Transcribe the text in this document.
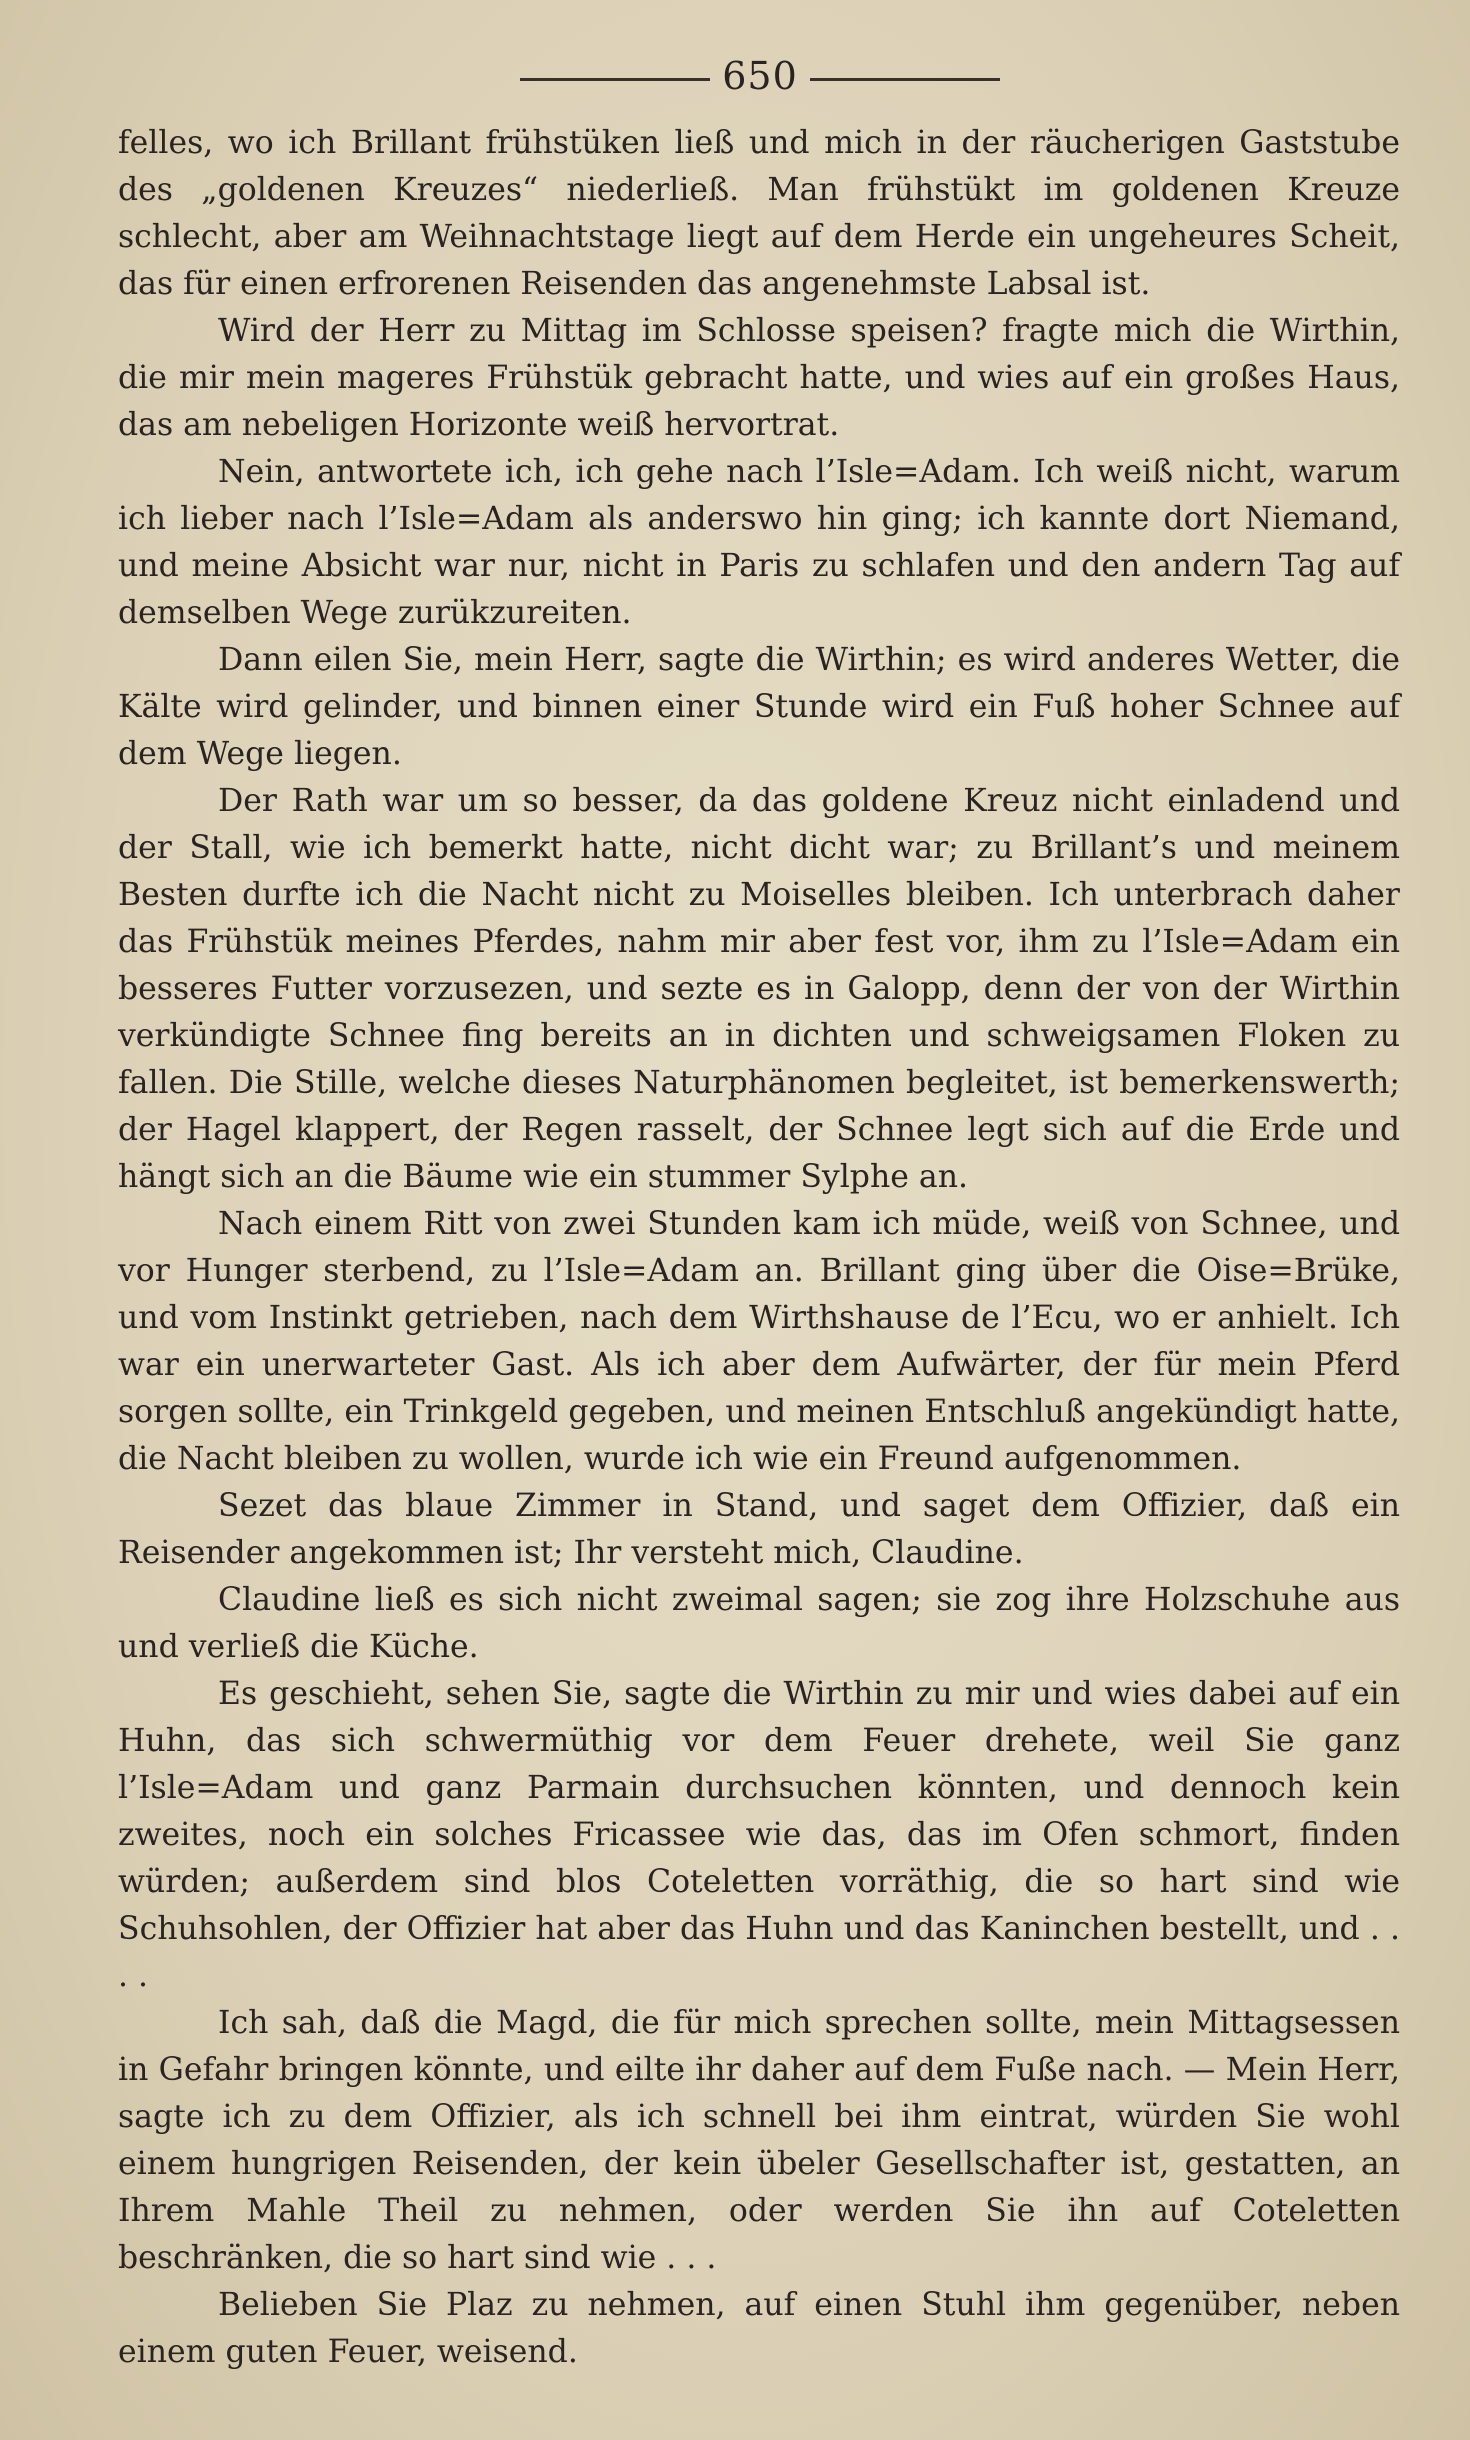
650

felles, wo ich Brillant frühstüken ließ und mich in der räucherigen Gaststube des „goldenen Kreuzes“ niederließ. Man frühstükt im goldenen Kreuze schlecht, aber am Weihnachtstage liegt auf dem Herde ein ungeheures Scheit, das für einen erfrorenen Reisenden das angenehmste Labsal ist.

Wird der Herr zu Mittag im Schlosse speisen? fragte mich die Wirthin, die mir mein mageres Frühstük gebracht hatte, und wies auf ein großes Haus, das am nebeligen Horizonte weiß hervortrat.

Nein, antwortete ich, ich gehe nach l’Isle=Adam. Ich weiß nicht, warum ich lieber nach l’Isle=Adam als anderswo hin ging; ich kannte dort Niemand, und meine Absicht war nur, nicht in Paris zu schlafen und den andern Tag auf demselben Wege zurükzureiten.

Dann eilen Sie, mein Herr, sagte die Wirthin; es wird anderes Wetter, die Kälte wird gelinder, und binnen einer Stunde wird ein Fuß hoher Schnee auf dem Wege liegen.

Der Rath war um so besser, da das goldene Kreuz nicht einladend und der Stall, wie ich bemerkt hatte, nicht dicht war; zu Brillant’s und meinem Besten durfte ich die Nacht nicht zu Moiselles bleiben. Ich unterbrach daher das Frühstük meines Pferdes, nahm mir aber fest vor, ihm zu l’Isle=Adam ein besseres Futter vorzusezen, und sezte es in Galopp, denn der von der Wirthin verkündigte Schnee fing bereits an in dichten und schweigsamen Floken zu fallen. Die Stille, welche dieses Naturphänomen begleitet, ist bemerkenswerth; der Hagel klappert, der Regen rasselt, der Schnee legt sich auf die Erde und hängt sich an die Bäume wie ein stummer Sylphe an.

Nach einem Ritt von zwei Stunden kam ich müde, weiß von Schnee, und vor Hunger sterbend, zu l’Isle=Adam an. Brillant ging über die Oise=Brüke, und vom Instinkt getrieben, nach dem Wirthshause de l’Ecu, wo er anhielt. Ich war ein unerwarteter Gast. Als ich aber dem Aufwärter, der für mein Pferd sorgen sollte, ein Trinkgeld gegeben, und meinen Entschluß angekündigt hatte, die Nacht bleiben zu wollen, wurde ich wie ein Freund aufgenommen.

Sezet das blaue Zimmer in Stand, und saget dem Offizier, daß ein Reisender angekommen ist; Ihr versteht mich, Claudine.

Claudine ließ es sich nicht zweimal sagen; sie zog ihre Holzschuhe aus und verließ die Küche.

Es geschieht, sehen Sie, sagte die Wirthin zu mir und wies dabei auf ein Huhn, das sich schwermüthig vor dem Feuer drehete, weil Sie ganz l’Isle=Adam und ganz Parmain durchsuchen könnten, und dennoch kein zweites, noch ein solches Fricassee wie das, das im Ofen schmort, finden würden; außerdem sind blos Coteletten vorräthig, die so hart sind wie Schuhsohlen, der Offizier hat aber das Huhn und das Kaninchen bestellt, und . . . .

Ich sah, daß die Magd, die für mich sprechen sollte, mein Mittagsessen in Gefahr bringen könnte, und eilte ihr daher auf dem Fuße nach. — Mein Herr, sagte ich zu dem Offizier, als ich schnell bei ihm eintrat, würden Sie wohl einem hungrigen Reisenden, der kein übeler Gesellschafter ist, gestatten, an Ihrem Mahle Theil zu nehmen, oder werden Sie ihn auf Coteletten beschränken, die so hart sind wie . . .

Belieben Sie Plaz zu nehmen, auf einen Stuhl ihm gegenüber, neben einem guten Feuer, weisend.
